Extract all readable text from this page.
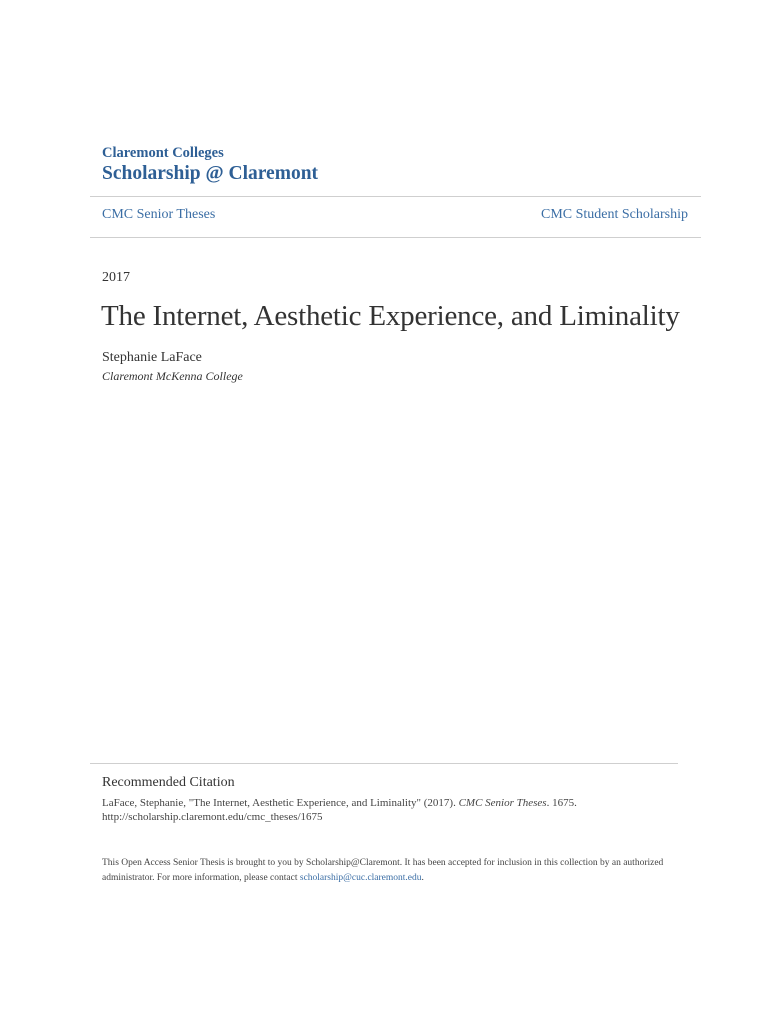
Claremont Colleges
Scholarship @ Claremont
CMC Senior Theses	CMC Student Scholarship
2017
The Internet, Aesthetic Experience, and Liminality
Stephanie LaFace
Claremont McKenna College
Recommended Citation
LaFace, Stephanie, "The Internet, Aesthetic Experience, and Liminality" (2017). CMC Senior Theses. 1675.
http://scholarship.claremont.edu/cmc_theses/1675
This Open Access Senior Thesis is brought to you by Scholarship@Claremont. It has been accepted for inclusion in this collection by an authorized administrator. For more information, please contact scholarship@cuc.claremont.edu.
